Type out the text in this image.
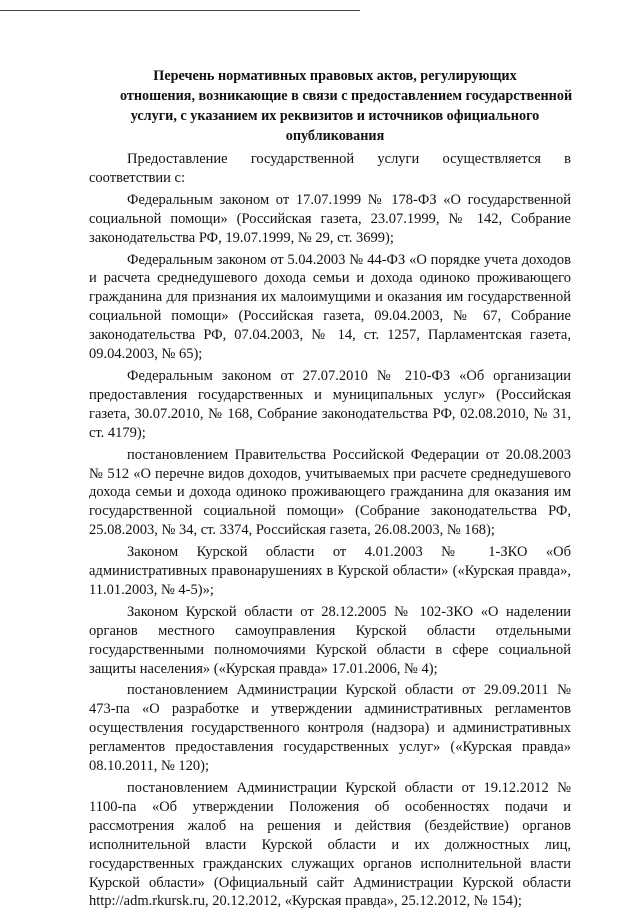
Перечень нормативных правовых актов, регулирующих
отношения, возникающие в связи с предоставлением государственной
услуги, с указанием их реквизитов и источников официального
опубликования

Предоставление государственной услуги осуществляется в соответствии с:

Федеральным законом от 17.07.1999 № 178-ФЗ «О государственной социальной помощи» (Российская газета, 23.07.1999, № 142, Собрание законодательства РФ, 19.07.1999, № 29, ст. 3699);

Федеральным законом от 5.04.2003 № 44-ФЗ «О порядке учета доходов и расчета среднедушевого дохода семьи и дохода одиноко проживающего гражданина для признания их малоимущими и оказания им государственной социальной помощи» (Российская газета, 09.04.2003, № 67, Собрание законодательства РФ, 07.04.2003, № 14, ст. 1257, Парламентская газета, 09.04.2003, № 65);

Федеральным законом от 27.07.2010 № 210-ФЗ «Об организации предоставления государственных и муниципальных услуг» (Российская газета, 30.07.2010, № 168, Собрание законодательства РФ, 02.08.2010, № 31, ст. 4179);

постановлением Правительства Российской Федерации от 20.08.2003 № 512 «О перечне видов доходов, учитываемых при расчете среднедушевого дохода семьи и дохода одиноко проживающего гражданина для оказания им государственной социальной помощи» (Собрание законодательства РФ, 25.08.2003, № 34, ст. 3374, Российская газета, 26.08.2003, № 168);

Законом Курской области от 4.01.2003 № 1-ЗКО «Об административных правонарушениях в Курской области» («Курская правда», 11.01.2003, № 4-5)»;

Законом Курской области от 28.12.2005 № 102-ЗКО «О наделении органов местного самоуправления Курской области отдельными государственными полномочиями Курской области в сфере социальной защиты населения» («Курская правда» 17.01.2006, № 4);

постановлением Администрации Курской области от 29.09.2011 № 473-па «О разработке и утверждении административных регламентов осуществления государственного контроля (надзора) и административных регламентов предоставления государственных услуг» («Курская правда» 08.10.2011, № 120);

постановлением Администрации Курской области от 19.12.2012 № 1100-па «Об утверждении Положения об особенностях подачи и рассмотрения жалоб на решения и действия (бездействие) органов исполнительной власти Курской области и их должностных лиц, государственных гражданских служащих органов исполнительной власти Курской области» (Официальный сайт Администрации Курской области http://adm.rkursk.ru, 20.12.2012, «Курская правда», 25.12.2012, № 154);
